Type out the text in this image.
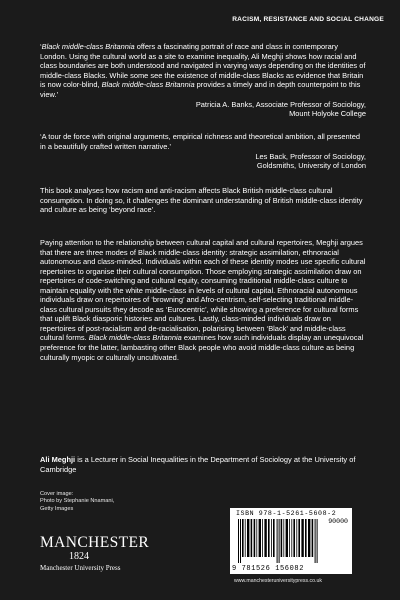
RACISM, RESISTANCE AND SOCIAL CHANGE
‘Black middle-class Britannia offers a fascinating portrait of race and class in contemporary London. Using the cultural world as a site to examine inequality, Ali Meghji shows how racial and class boundaries are both understood and navigated in varying ways depending on the identities of middle-class Blacks. While some see the existence of middle-class Blacks as evidence that Britain is now color-blind, Black middle-class Britannia provides a timely and in depth counterpoint to this view.’
Patricia A. Banks, Associate Professor of Sociology,
Mount Holyoke College
‘A tour de force with original arguments, empirical richness and theoretical ambition, all presented in a beautifully crafted written narrative.’
Les Back, Professor of Sociology,
Goldsmiths, University of London
This book analyses how racism and anti-racism affects Black British middle-class cultural consumption. In doing so, it challenges the dominant understanding of British middle-class identity and culture as being ‘beyond race’.
Paying attention to the relationship between cultural capital and cultural repertoires, Meghji argues that there are three modes of Black middle-class identity: strategic assimilation, ethnoracial autonomous and class-minded. Individuals within each of these identity modes use specific cultural repertoires to organise their cultural consumption. Those employing strategic assimilation draw on repertoires of code-switching and cultural equity, consuming traditional middle-class culture to maintain equality with the white middle-class in levels of cultural capital. Ethnoracial autonomous individuals draw on repertoires of ‘browning’ and Afro-centrism, self-selecting traditional middle-class cultural pursuits they decode as ‘Eurocentric’, while showing a preference for cultural forms that uplift Black diasporic histories and cultures. Lastly, class-minded individuals draw on repertoires of post-racialism and de-racialisation, polarising between ‘Black’ and middle-class cultural forms. Black middle-class Britannia examines how such individuals display an unequivocal preference for the latter, lambasting other Black people who avoid middle-class culture as being culturally myopic or culturally uncultivated.
Ali Meghji is a Lecturer in Social Inequalities in the Department of Sociology at the University of Cambridge
Cover image:
Photo by Stephanie Nnamani,
Getty Images
MANCHESTER
1824
Manchester University Press
ISBN 978-1-5261-5608-2
90000
9 781526 156082
www.manchesteruniversitypress.co.uk
